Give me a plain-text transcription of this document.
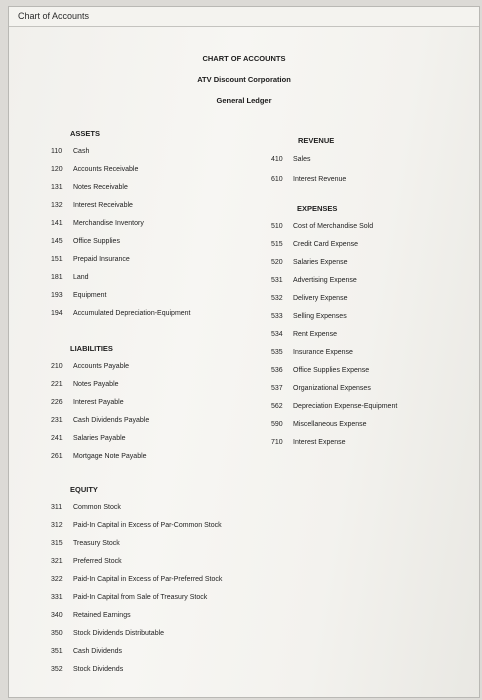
Chart of Accounts
CHART OF ACCOUNTS
ATV Discount Corporation
General Ledger
ASSETS
110 Cash
120 Accounts Receivable
131 Notes Receivable
132 Interest Receivable
141 Merchandise Inventory
145 Office Supplies
151 Prepaid Insurance
181 Land
193 Equipment
194 Accumulated Depreciation-Equipment
LIABILITIES
210 Accounts Payable
221 Notes Payable
226 Interest Payable
231 Cash Dividends Payable
241 Salaries Payable
261 Mortgage Note Payable
EQUITY
311 Common Stock
312 Paid-In Capital in Excess of Par-Common Stock
315 Treasury Stock
321 Preferred Stock
322 Paid-In Capital in Excess of Par-Preferred Stock
331 Paid-In Capital from Sale of Treasury Stock
340 Retained Earnings
350 Stock Dividends Distributable
351 Cash Dividends
352 Stock Dividends
REVENUE
410 Sales
610 Interest Revenue
EXPENSES
510 Cost of Merchandise Sold
515 Credit Card Expense
520 Salaries Expense
531 Advertising Expense
532 Delivery Expense
533 Selling Expenses
534 Rent Expense
535 Insurance Expense
536 Office Supplies Expense
537 Organizational Expenses
562 Depreciation Expense-Equipment
590 Miscellaneous Expense
710 Interest Expense
